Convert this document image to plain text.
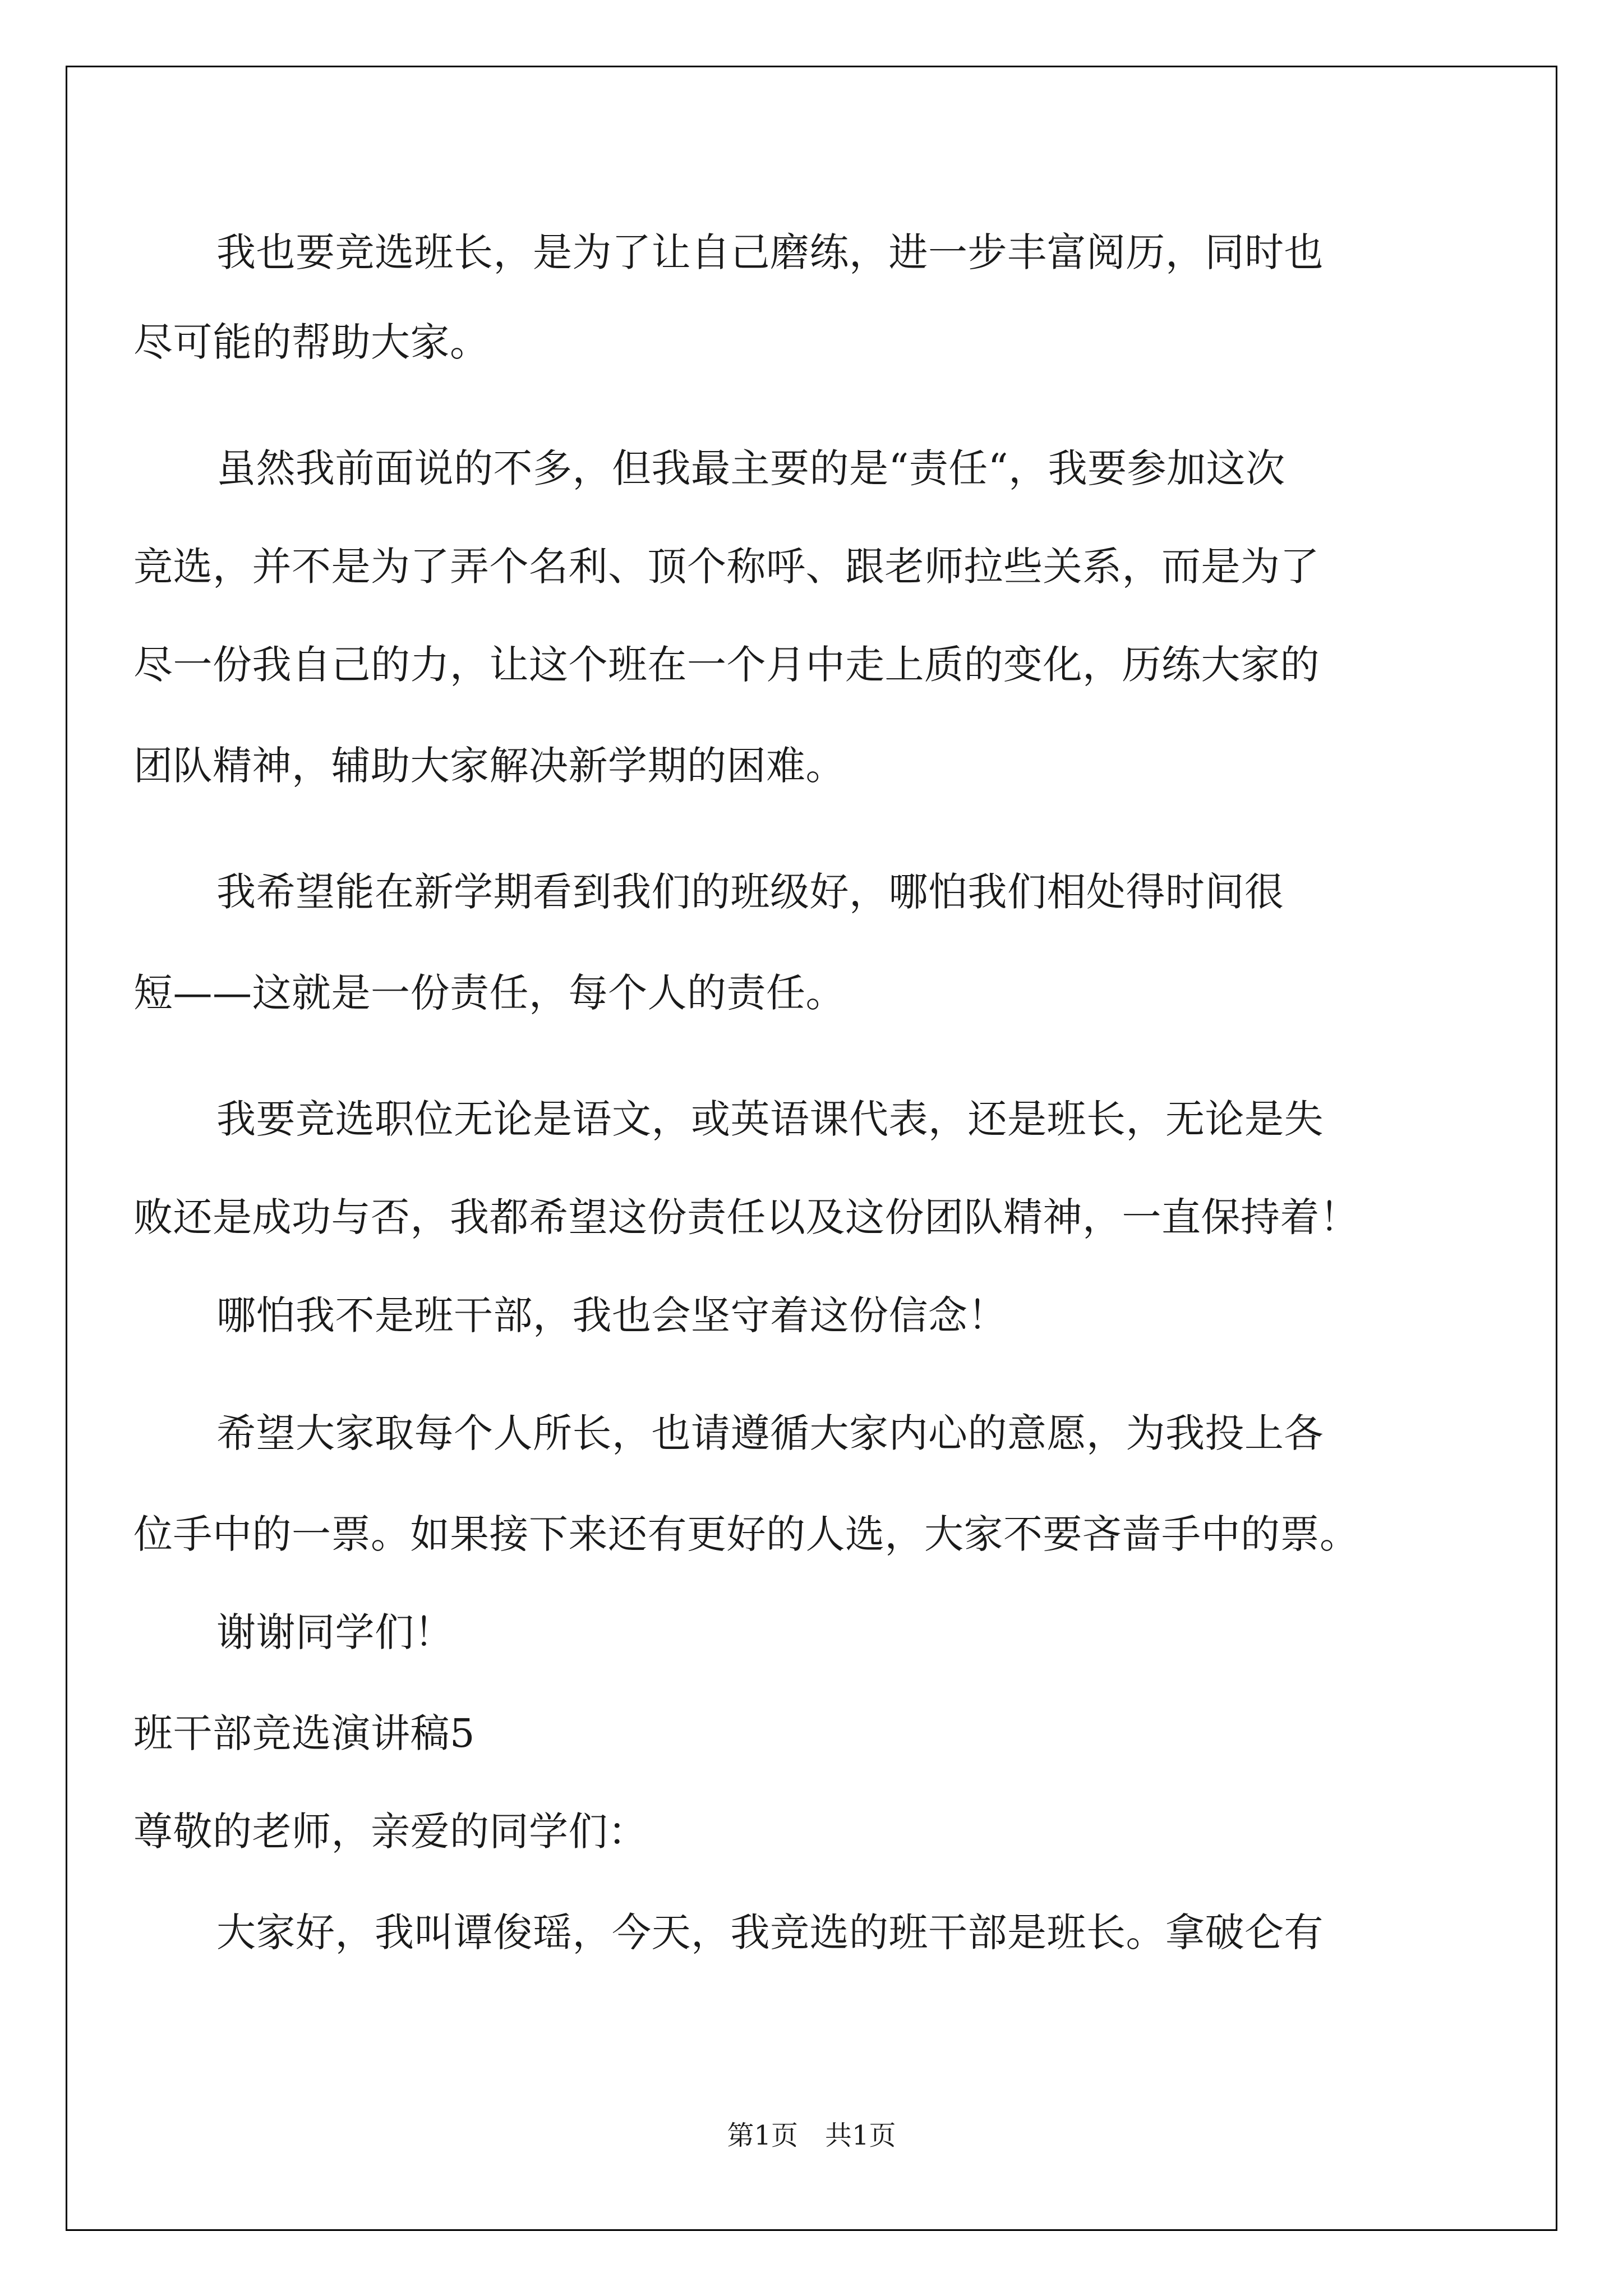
我也要竞选班长，是为了让自己磨练，进一步丰富阅历，同时也
尽可能的帮助大家。
虽然我前面说的不多，但我最主要的是“责任“，我要参加这次
竞选，并不是为了弄个名利、顶个称呼、跟老师拉些关系，而是为了
尽一份我自己的力，让这个班在一个月中走上质的变化，历练大家的
团队精神，辅助大家解决新学期的困难。
我希望能在新学期看到我们的班级好，哪怕我们相处得时间很
短——这就是一份责任，每个人的责任。
我要竞选职位无论是语文，或英语课代表，还是班长，无论是失
败还是成功与否，我都希望这份责任以及这份团队精神，一直保持着！
哪怕我不是班干部，我也会坚守着这份信念！
希望大家取每个人所长，也请遵循大家内心的意愿，为我投上各
位手中的一票。如果接下来还有更好的人选，大家不要吝啬手中的票。
谢谢同学们！
班干部竞选演讲稿5
尊敬的老师，亲爱的同学们：
大家好，我叫谭俊瑶，今天，我竞选的班干部是班长。拿破仑有
第1页　共1页
